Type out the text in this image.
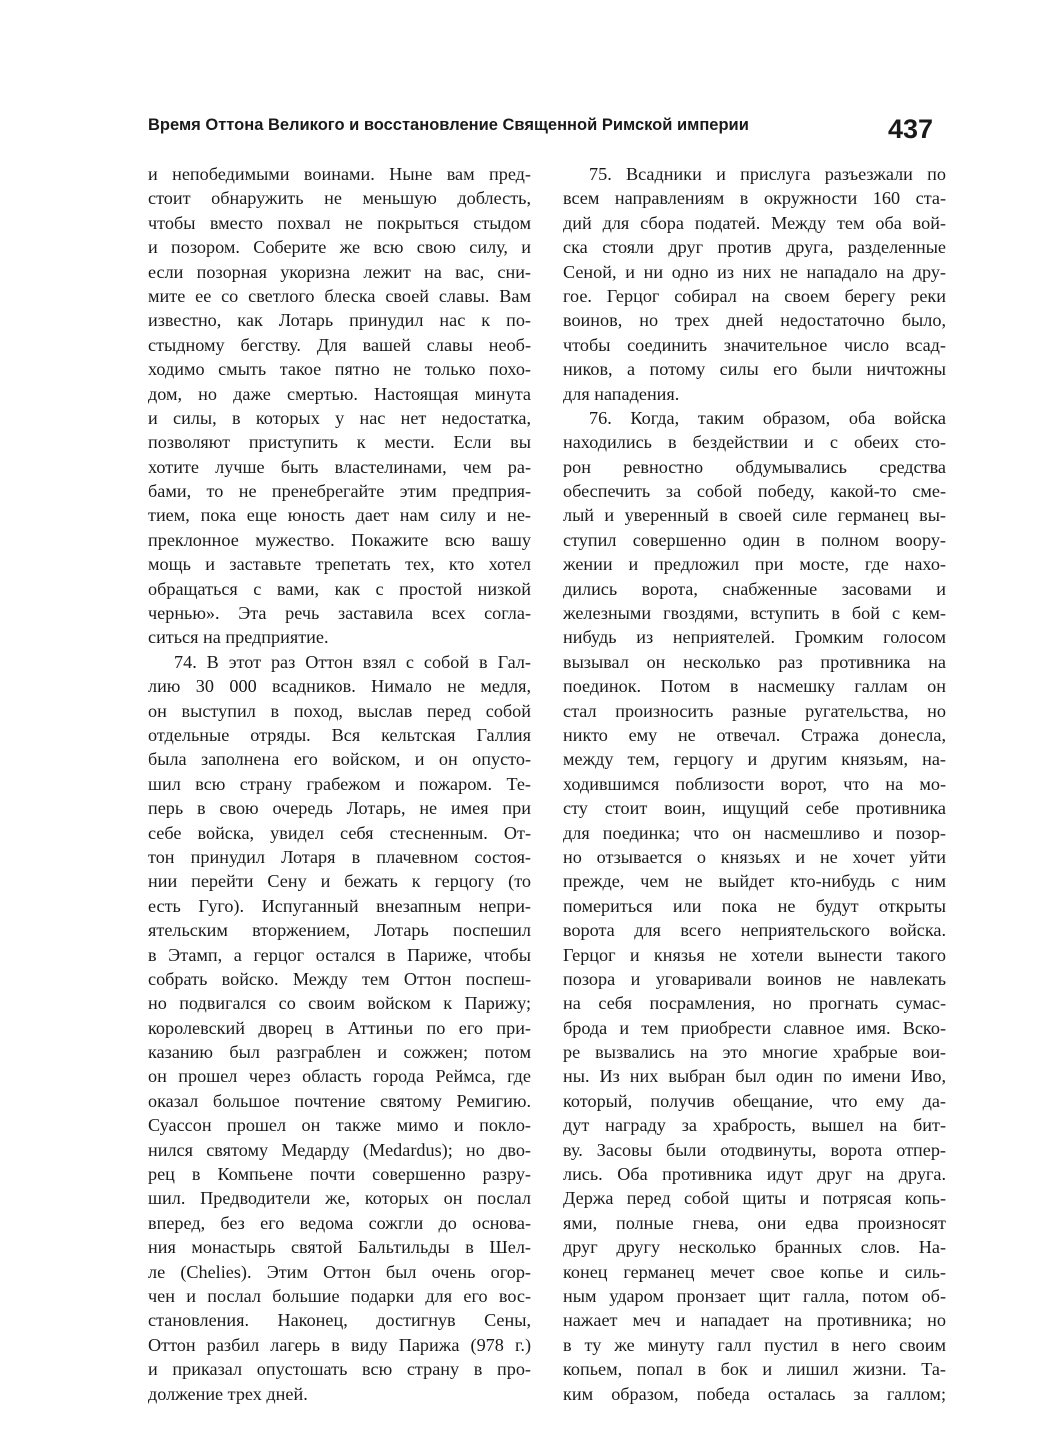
Время Оттона Великого и восстановление Священной Римской империи	437
и непобедимыми воинами. Ныне вам пред-
стоит обнаружить не меньшую доблесть,
чтобы вместо похвал не покрыться стыдом
и позором. Соберите же всю свою силу, и
если позорная укоризна лежит на вас, сни-
мите ее со светлого блеска своей славы. Вам
известно, как Лотарь принудил нас к по-
стыдному бегству. Для вашей славы необ-
ходимо смыть такое пятно не только похо-
дом, но даже смертью. Настоящая минута
и силы, в которых у нас нет недостатка,
позволяют приступить к мести. Если вы
хотите лучше быть властелинами, чем ра-
бами, то не пренебрегайте этим предприя-
тием, пока еще юность дает нам силу и не-
преклонное мужество. Покажите всю вашу
мощь и заставьте трепетать тех, кто хотел
обращаться с вами, как с простой низкой
чернью». Эта речь заставила всех согла-
ситься на предприятие.
74. В этот раз Оттон взял с собой в Гал-
лию 30 000 всадников. Нимало не медля,
он выступил в поход, выслав перед собой
отдельные отряды. Вся кельтская Галлия
была заполнена его войском, и он опусто-
шил всю страну грабежом и пожаром. Те-
перь в свою очередь Лотарь, не имея при
себе войска, увидел себя стесненным. От-
тон принудил Лотаря в плачевном состоя-
нии перейти Сену и бежать к герцогу (то
есть Гуго). Испуганный внезапным непри-
ятельским вторжением, Лотарь поспешил
в Этамп, а герцог остался в Париже, чтобы
собрать войско. Между тем Оттон поспеш-
но подвигался со своим войском к Парижу;
королевский дворец в Аттиньи по его при-
казанию был разграблен и сожжен; потом
он прошел через область города Реймса, где
оказал большое почтение святому Ремигию.
Суассон прошел он также мимо и покло-
нился святому Медарду (Medardus); но дво-
рец в Компьене почти совершенно разру-
шил. Предводители же, которых он послал
вперед, без его ведома сожгли до основа-
ния монастырь святой Бальтильды в Шел-
ле (Chelies). Этим Оттон был очень огор-
чен и послал большие подарки для его вос-
становления. Наконец, достигнув Сены,
Оттон разбил лагерь в виду Парижа (978 г.)
и приказал опустошать всю страну в про-
должение трех дней.
75. Всадники и прислуга разъезжали по
всем направлениям в окружности 160 ста-
дий для сбора податей. Между тем оба вой-
ска стояли друг против друга, разделенные
Сеной, и ни одно из них не нападало на дру-
гое. Герцог собирал на своем берегу реки
воинов, но трех дней недостаточно было,
чтобы соединить значительное число всад-
ников, а потому силы его были ничтожны
для нападения.
76. Когда, таким образом, оба войска
находились в бездействии и с обеих сто-
рон ревностно обдумывались средства
обеспечить за собой победу, какой-то сме-
лый и уверенный в своей силе германец вы-
ступил совершенно один в полном воору-
жении и предложил при мосте, где нахо-
дились ворота, снабженные засовами и
железными гвоздями, вступить в бой с кем-
нибудь из неприятелей. Громким голосом
вызывал он несколько раз противника на
поединок. Потом в насмешку галлам он
стал произносить разные ругательства, но
никто ему не отвечал. Стража донесла,
между тем, герцогу и другим князьям, на-
ходившимся поблизости ворот, что на мо-
сту стоит воин, ищущий себе противника
для поединка; что он насмешливо и позор-
но отзывается о князьях и не хочет уйти
прежде, чем не выйдет кто-нибудь с ним
помериться или пока не будут открыты
ворота для всего неприятельского войска.
Герцог и князья не хотели вынести такого
позора и уговаривали воинов не навлекать
на себя посрамления, но прогнать сумас-
брода и тем приобрести славное имя. Вско-
ре вызвались на это многие храбрые вои-
ны. Из них выбран был один по имени Иво,
который, получив обещание, что ему да-
дут награду за храбрость, вышел на бит-
ву. Засовы были отодвинуты, ворота отпер-
лись. Оба противника идут друг на друга.
Держа перед собой щиты и потрясая копь-
ями, полные гнева, они едва произносят
друг другу несколько бранных слов. На-
конец германец мечет свое копье и силь-
ным ударом пронзает щит галла, потом об-
нажает меч и нападает на противника; но
в ту же минуту галл пустил в него своим
копьем, попал в бок и лишил жизни. Та-
ким образом, победа осталась за галлом;
